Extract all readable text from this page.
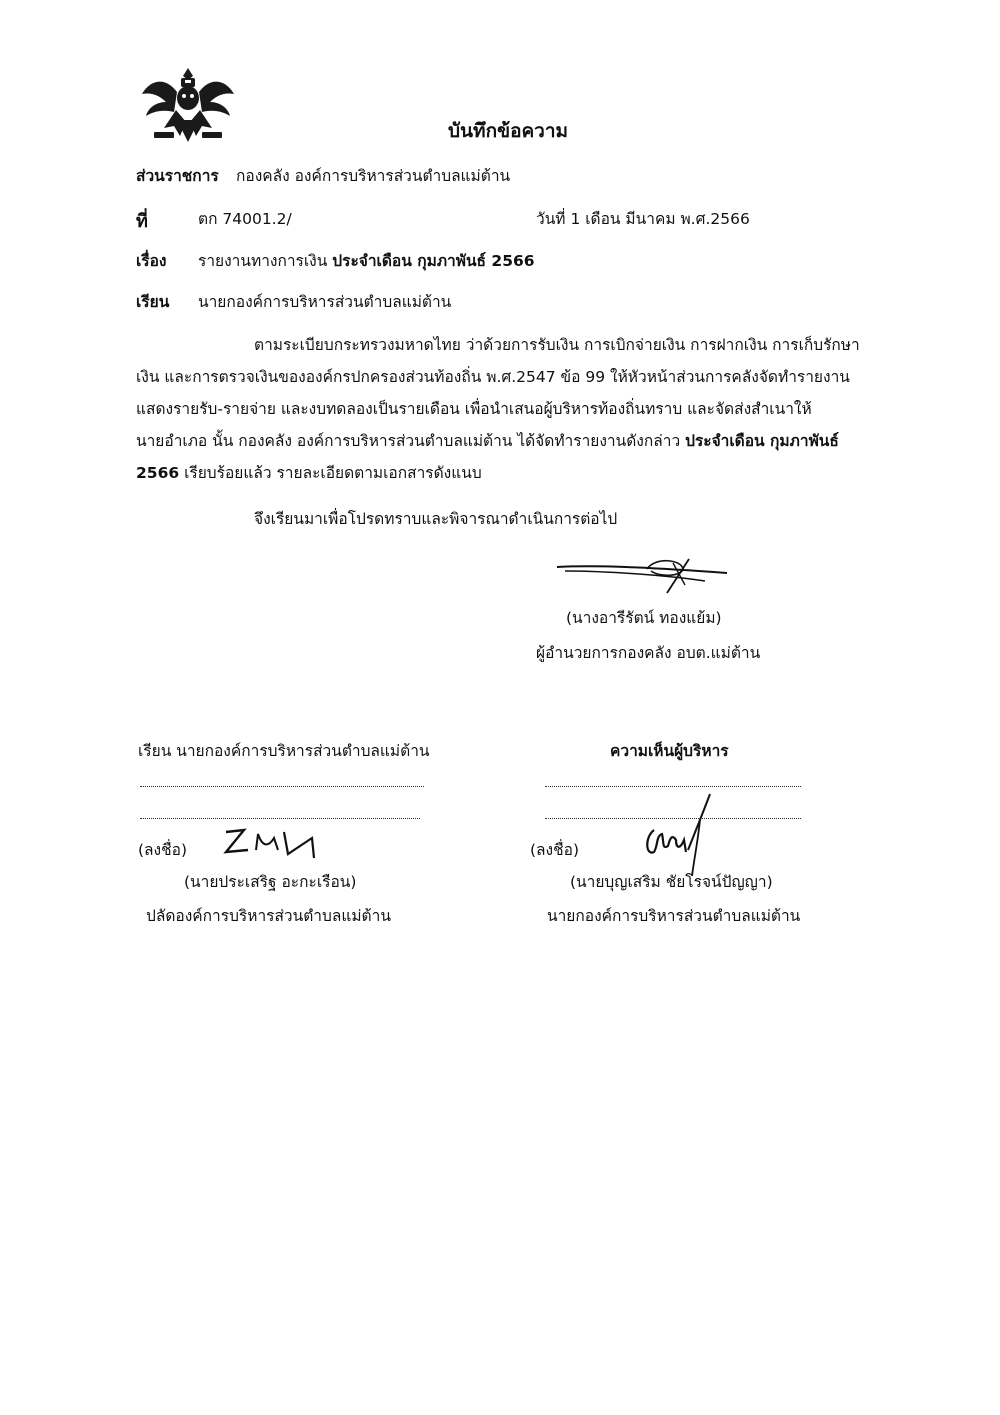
บันทึกข้อความ
ส่วนราชการ กองคลัง องค์การบริหารส่วนตำบลแม่ต้าน
ที่	ตก 74001.2/	วันที่ 1 เดือน มีนาคม พ.ศ.2566
เรื่อง รายงานทางการเงิน ประจำเดือน กุมภาพันธ์ 2566
เรียน นายกองค์การบริหารส่วนตำบลแม่ต้าน
ตามระเบียบกระทรวงมหาดไทย ว่าด้วยการรับเงิน การเบิกจ่ายเงิน การฝากเงิน การเก็บรักษา
เงิน และการตรวจเงินขององค์กรปกครองส่วนท้องถิ่น พ.ศ.2547 ข้อ 99 ให้หัวหน้าส่วนการคลังจัดทำรายงาน
แสดงรายรับ-รายจ่าย และงบทดลองเป็นรายเดือน เพื่อนำเสนอผู้บริหารท้องถิ่นทราบ และจัดส่งสำเนาให้
นายอำเภอ นั้น กองคลัง องค์การบริหารส่วนตำบลแม่ต้าน ได้จัดทำรายงานดังกล่าว ประจำเดือน กุมภาพันธ์
2566 เรียบร้อยแล้ว รายละเอียดตามเอกสารดังแนบ
จึงเรียนมาเพื่อโปรดทราบและพิจารณาดำเนินการต่อไป
(นางอารีรัตน์ ทองแย้ม)
ผู้อำนวยการกองคลัง อบต.แม่ต้าน
เรียน นายกองค์การบริหารส่วนตำบลแม่ต้าน
(ลงชื่อ)
(นายประเสริฐ อะกะเรือน)
ปลัดองค์การบริหารส่วนตำบลแม่ต้าน
ความเห็นผู้บริหาร
(ลงชื่อ)
(นายบุญเสริม ชัยโรจน์ปัญญา)
นายกองค์การบริหารส่วนตำบลแม่ต้าน
